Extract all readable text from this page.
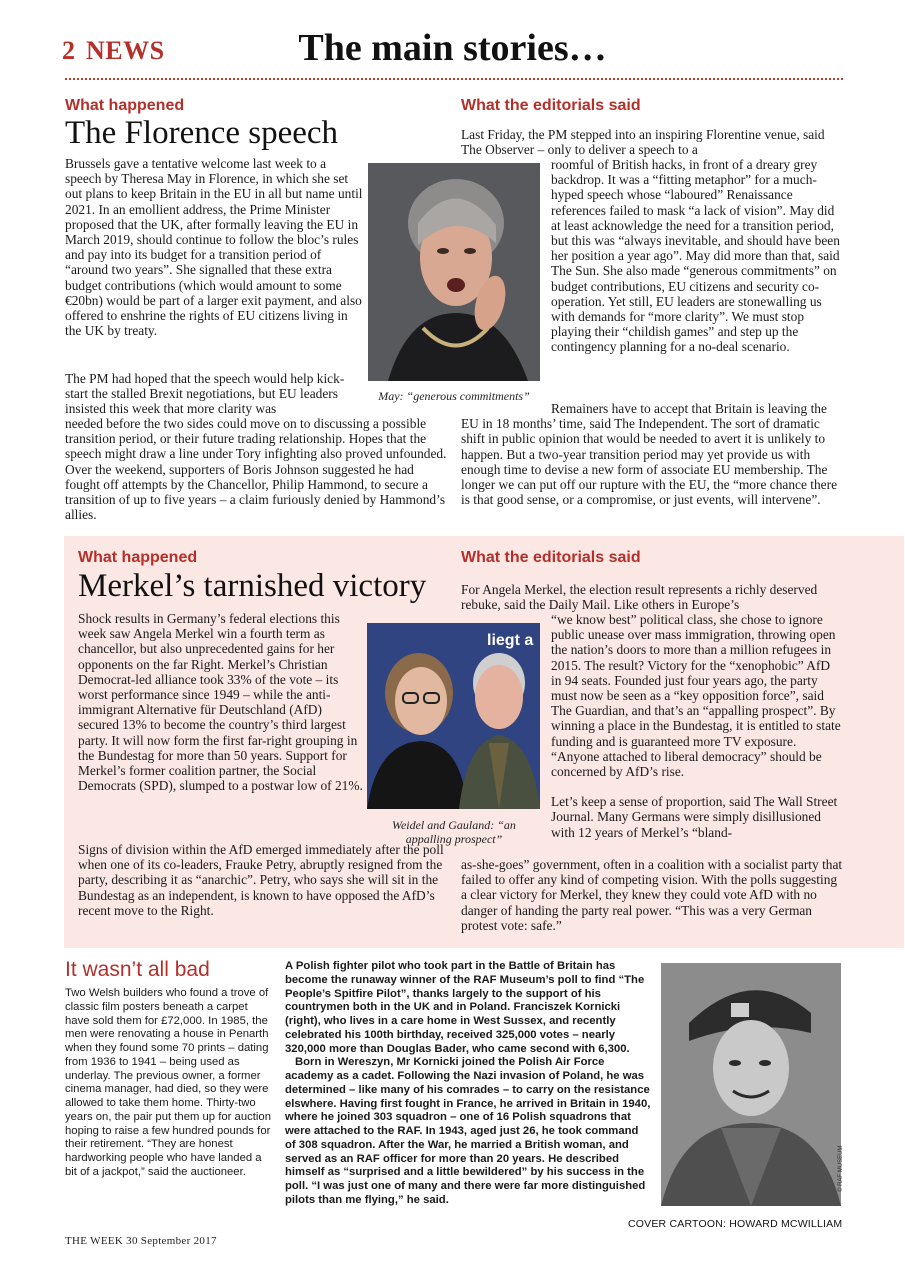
2 NEWS	The main stories…
What happened
The Florence speech
Brussels gave a tentative welcome last week to a speech by Theresa May in Florence, in which she set out plans to keep Britain in the EU in all but name until 2021. In an emollient address, the Prime Minister proposed that the UK, after formally leaving the EU in March 2019, should continue to follow the bloc’s rules and pay into its budget for a transition period of “around two years”. She signalled that these extra budget contributions (which would amount to some €20bn) would be part of a larger exit payment, and also offered to enshrine the rights of EU citizens living in the UK by treaty.
The PM had hoped that the speech would help kick-start the stalled Brexit negotiations, but EU leaders insisted this week that more clarity was
needed before the two sides could move on to discussing a possible transition period, or their future trading relationship. Hopes that the speech might draw a line under Tory infighting also proved unfounded. Over the weekend, supporters of Boris Johnson suggested he had fought off attempts by the Chancellor, Philip Hammond, to secure a transition of up to five years – a claim furiously denied by Hammond’s allies.
May: “generous commitments”
What the editorials said
Last Friday, the PM stepped into an inspiring Florentine venue, said The Observer – only to deliver a speech to a
roomful of British hacks, in front of a dreary grey backdrop. It was a “fitting metaphor” for a much-hyped speech whose “laboured” Renaissance references failed to mask “a lack of vision”. May did at least acknowledge the need for a transition period, but this was “always inevitable, and should have been her position a year ago”. May did more than that, said The Sun. She also made “generous commitments” on budget contributions, EU citizens and security co-operation. Yet still, EU leaders are stonewalling us with demands for “more clarity”. We must stop playing their “childish games” and step up the contingency planning for a no-deal scenario.
Remainers have to accept that Britain is leaving the EU in 18 months’ time, said The Independent. The sort of dramatic shift in public opinion that would be needed to avert it is unlikely to happen. But a two-year transition period may yet provide us with enough time to devise a new form of associate EU membership. The longer we can put off our rupture with the EU, the “more chance there is that good sense, or a compromise, or just events, will intervene”.
What happened
Merkel’s tarnished victory
Shock results in Germany’s federal elections this week saw Angela Merkel win a fourth term as chancellor, but also unprecedented gains for her opponents on the far Right. Merkel’s Christian Democrat-led alliance took 33% of the vote – its worst performance since 1949 – while the anti-immigrant Alternative für Deutschland (AfD) secured 13% to become the country’s third largest party. It will now form the first far-right grouping in the Bundestag for more than 50 years. Support for Merkel’s former coalition partner, the Social Democrats (SPD), slumped to a postwar low of 21%.
Signs of division within the AfD emerged immediately after the poll when one of its co-leaders, Frauke Petry, abruptly resigned from the party, describing it as “anarchic”. Petry, who says she will sit in the Bundestag as an independent, is known to have opposed the AfD’s recent move to the Right.
liegt a
Weidel and Gauland: “an appalling prospect”
What the editorials said
For Angela Merkel, the election result represents a richly deserved rebuke, said the Daily Mail. Like others in Europe’s

“we know best” political class, she chose to ignore public unease over mass immigration, throwing open the nation’s doors to more than a million refugees in 2015. The result? Victory for the “xenophobic” AfD in 94 seats. Founded just four years ago, the party must now be seen as a “key opposition force”, said The Guardian, and that’s an “appalling prospect”. By winning a place in the Bundestag, it is entitled to state funding and is guaranteed more TV exposure. “Anyone attached to liberal democracy” should be concerned by AfD’s rise.

Let’s keep a sense of proportion, said The Wall Street Journal. Many Germans were simply disillusioned with 12 years of Merkel’s “bland-

as-she-goes” government, often in a coalition with a socialist party that failed to offer any kind of competing vision. With the polls suggesting a clear victory for Merkel, they knew they could vote AfD with no danger of handing the party real power. “This was a very German protest vote: safe.”
It wasn’t all bad
Two Welsh builders who found a trove of classic film posters beneath a carpet have sold them for £72,000. In 1985, the men were renovating a house in Penarth when they found some 70 prints – dating from 1936 to 1941 – being used as underlay. The previous owner, a former cinema manager, had died, so they were allowed to take them home. Thirty-two years on, the pair put them up for auction hoping to raise a few hundred pounds for their retirement. “They are honest hardworking people who have landed a bit of a jackpot,” said the auctioneer.
A Polish fighter pilot who took part in the Battle of Britain has become the runaway winner of the RAF Museum’s poll to find “The People’s Spitfire Pilot”, thanks largely to the support of his countrymen both in the UK and in Poland. Franciszek Kornicki (right), who lives in a care home in West Sussex, and recently celebrated his 100th birthday, received 325,000 votes – nearly 320,000 more than Douglas Bader, who came second with 6,300.
Born in Wereszyn, Mr Kornicki joined the Polish Air Force academy as a cadet. Following the Nazi invasion of Poland, he was determined – like many of his comrades – to carry on the resistance elswhere. Having first fought in France, he arrived in Britain in 1940, where he joined 303 squadron – one of 16 Polish squadrons that were attached to the RAF. In 1943, aged just 26, he took command of 308 squadron. After the War, he married a British woman, and served as an RAF officer for more than 20 years. He described himself as “surprised and a little bewildered” by his success in the poll. “I was just one of many and there were far more distinguished pilots than me flying,” he said.
© RAF MUSEUM
COVER CARTOON: HOWARD MCWILLIAM
THE WEEK 30 September 2017
